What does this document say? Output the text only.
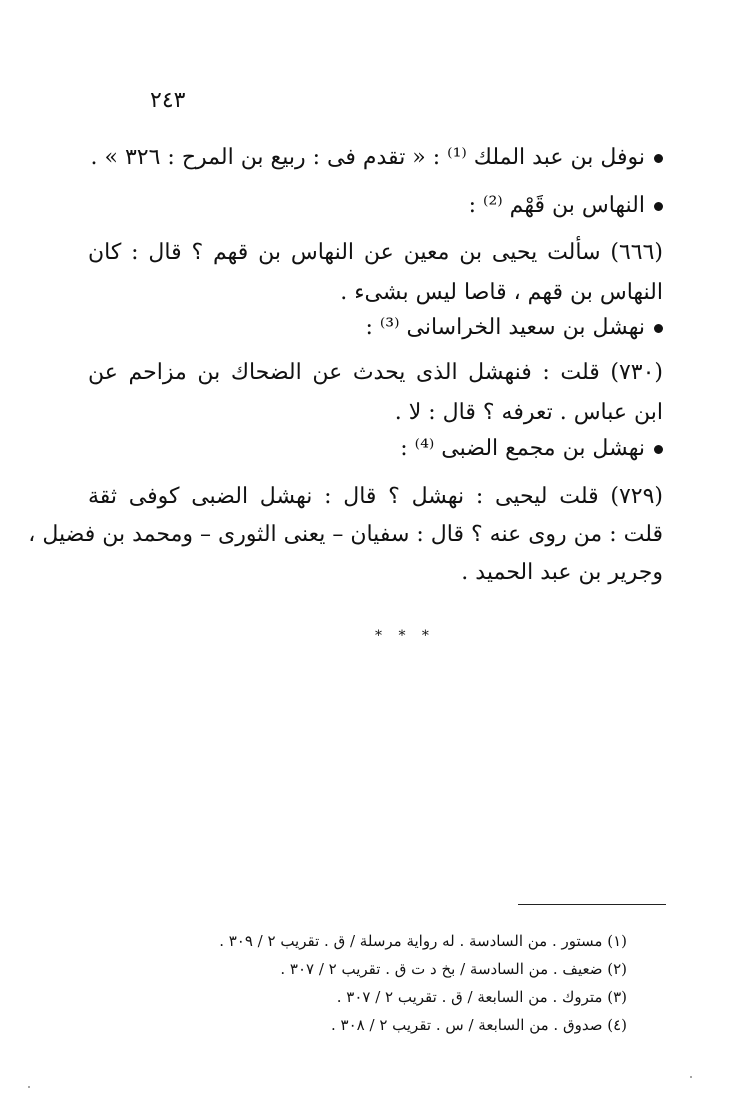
٢٤٣
نوفل بن عبد الملك ⁽¹⁾ : « تقدم فى : ربيع بن المرح : ٣٢٦ » .
النهاس بن قَهْم ⁽²⁾ :
(٦٦٦) سألت يحيى بن معين عن النهاس بن قهم ؟ قال : كان
النهاس بن قهم ، قاصا ليس بشىء .
نهشل بن سعيد الخراسانى ⁽³⁾ :
(٧٣٠) قلت : فنهشل الذى يحدث عن الضحاك بن مزاحم عن
ابن عباس . تعرفه ؟ قال : لا .
نهشل بن مجمع الضبى ⁽⁴⁾ :
(٧٢٩) قلت ليحيى : نهشل ؟ قال : نهشل الضبى كوفى ثقة
قلت : من روى عنه ؟ قال : سفيان – يعنى الثورى – ومحمد بن فضيل ،
وجرير بن عبد الحميد .
* * *
(١) مستور . من السادسة . له رواية مرسلة / ق . تقريب ٢ / ٣٠٩ .
(٢) ضعيف . من السادسة / بخ د ت ق . تقريب ٢ / ٣٠٧ .
(٣) متروك . من السابعة / ق . تقريب ٢ / ٣٠٧ .
(٤) صدوق . من السابعة / س . تقريب ٢ / ٣٠٨ .
